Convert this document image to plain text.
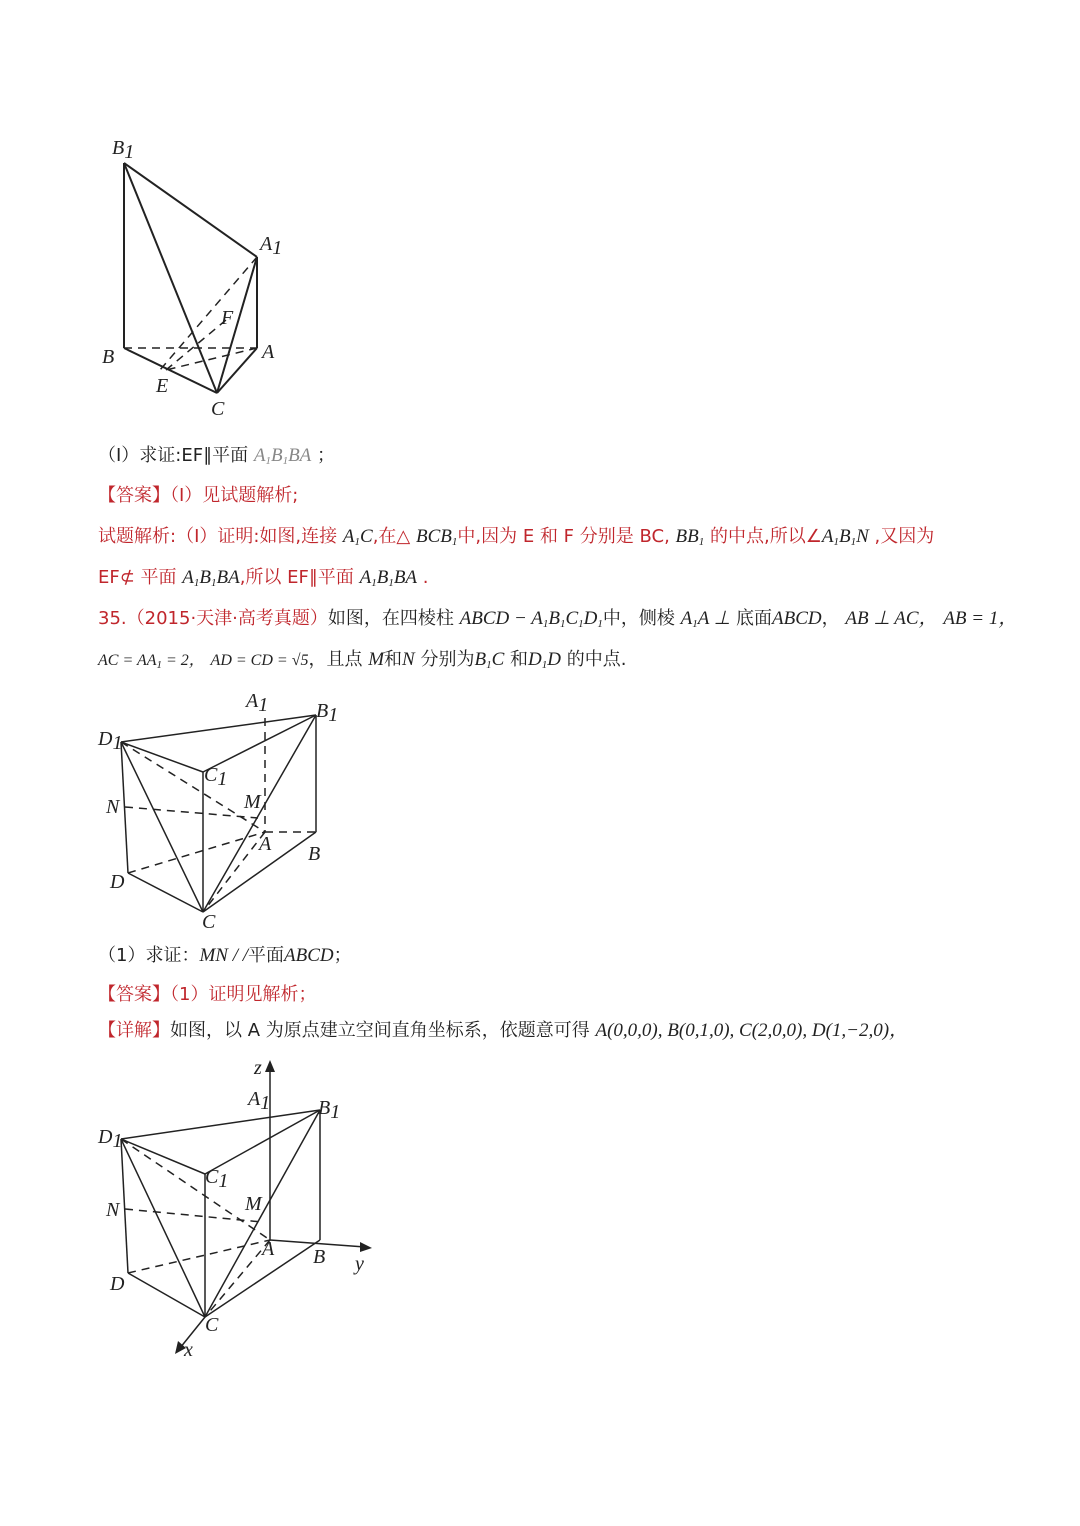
B1
A1
F
B	A
E
C
（Ⅰ）求证:EF∥平面 $A_1B_1BA$ ；
【答案】（Ⅰ）见试题解析;
试题解析:（Ⅰ）证明:如图,连接 $A_1C$,在△ $BCB_1$中,因为 E 和 F 分别是 BC, $BB_1$ 的中点,所以$\angle A_1B_1N$ ,又因为
EF⊄ 平面 $A_1B_1BA$,所以 EF∥平面 $A_1B_1BA$ .
35.（2015·天津·高考真题）如图，在四棱柱 ABCD − $A_1B_1C_1D_1$中，侧棱 $A_1A$ ⊥ 底面ABCD， AB ⊥ AC， AB = 1，
AC = $AA_1 = 2$， AD = CD = √5，且点 M和N 分别为$B_1C$ 和$D_1D$ 的中点.
A1 B1
D1
C1
M
N
A B
D
C
（1）求证：MN / /平面ABCD；
【答案】（1）证明见解析；
【详解】如图，以 A 为原点建立空间直角坐标系，依题意可得 A(0,0,0), B(0,1,0), C(2,0,0), D(1,−2,0)，
z
y
x
A1 B1
D1
C1
M
N
A B
D
C
